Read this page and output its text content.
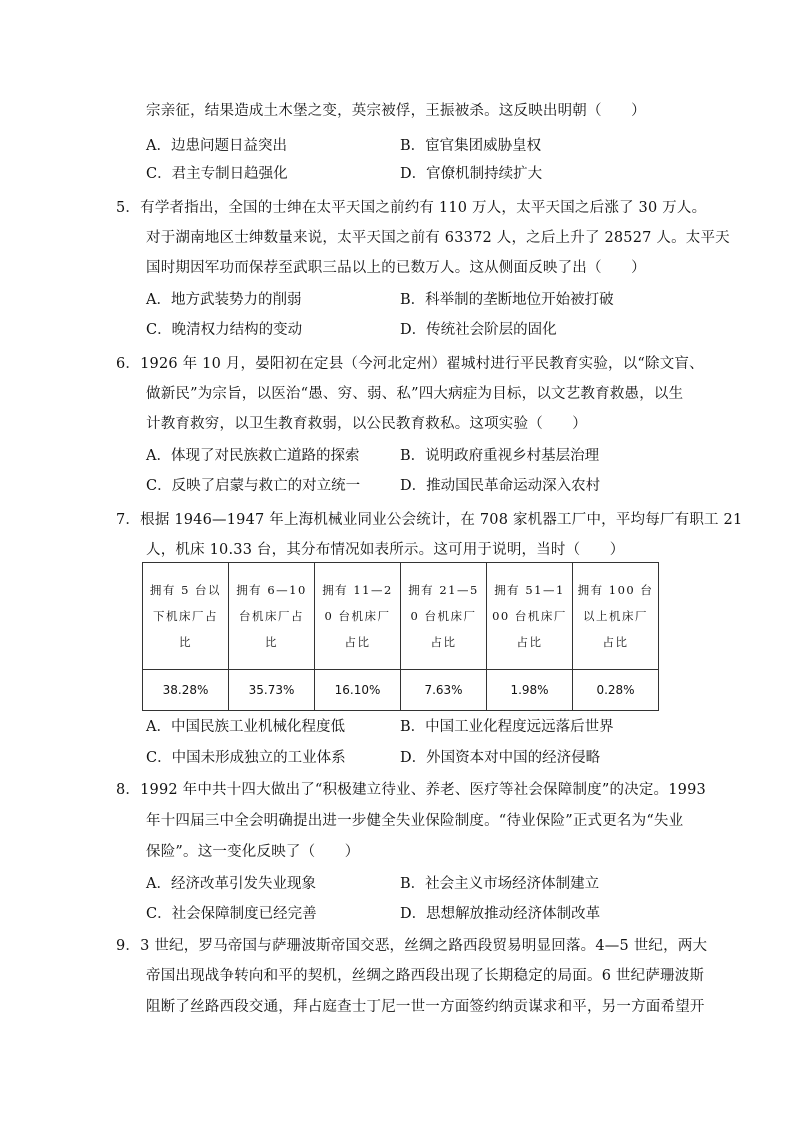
宗亲征，结果造成土木堡之变，英宗被俘，王振被杀。这反映出明朝（　　）
A．边患问题日益突出	B．宦官集团威胁皇权
C．君主专制日趋强化	D．官僚机制持续扩大
5．有学者指出，全国的士绅在太平天国之前约有 110 万人，太平天国之后涨了 30 万人。
对于湖南地区士绅数量来说，太平天国之前有 63372 人，之后上升了 28527 人。太平天
国时期因军功而保荐至武职三品以上的已数万人。这从侧面反映了出（　　）
A．地方武装势力的削弱	B．科举制的垄断地位开始被打破
C．晚清权力结构的变动	D．传统社会阶层的固化
6．1926 年 10 月，晏阳初在定县（今河北定州）翟城村进行平民教育实验，以“除文盲、
做新民”为宗旨，以医治“愚、穷、弱、私”四大病症为目标，以文艺教育救愚，以生
计教育救穷，以卫生教育救弱，以公民教育救私。这项实验（　　）
A．体现了对民族救亡道路的探索	B．说明政府重视乡村基层治理
C．反映了启蒙与救亡的对立统一	D．推动国民革命运动深入农村
7．根据 1946—1947 年上海机械业同业公会统计，在 708 家机器工厂中，平均每厂有职工 21
人，机床 10.33 台，其分布情况如表所示。这可用于说明，当时（　　）
拥有 5 台以下机床厂占比	拥有 6—10 台机床厂占比	拥有 11—20 台机床厂占比	拥有 21—50 台机床厂占比	拥有 51—100 台机床厂占比	拥有 100 台以上机床厂占比
38.28%	35.73%	16.10%	7.63%	1.98%	0.28%
A．中国民族工业机械化程度低	B．中国工业化程度远远落后世界
C．中国未形成独立的工业体系	D．外国资本对中国的经济侵略
8．1992 年中共十四大做出了“积极建立待业、养老、医疗等社会保障制度”的决定。1993
年十四届三中全会明确提出进一步健全失业保险制度。“待业保险”正式更名为“失业
保险”。这一变化反映了（　　）
A．经济改革引发失业现象	B．社会主义市场经济体制建立
C．社会保障制度已经完善	D．思想解放推动经济体制改革
9．3 世纪，罗马帝国与萨珊波斯帝国交恶，丝绸之路西段贸易明显回落。4—5 世纪，两大
帝国出现战争转向和平的契机，丝绸之路西段出现了长期稳定的局面。6 世纪萨珊波斯
阻断了丝路西段交通，拜占庭查士丁尼一世一方面签约纳贡谋求和平，另一方面希望开
